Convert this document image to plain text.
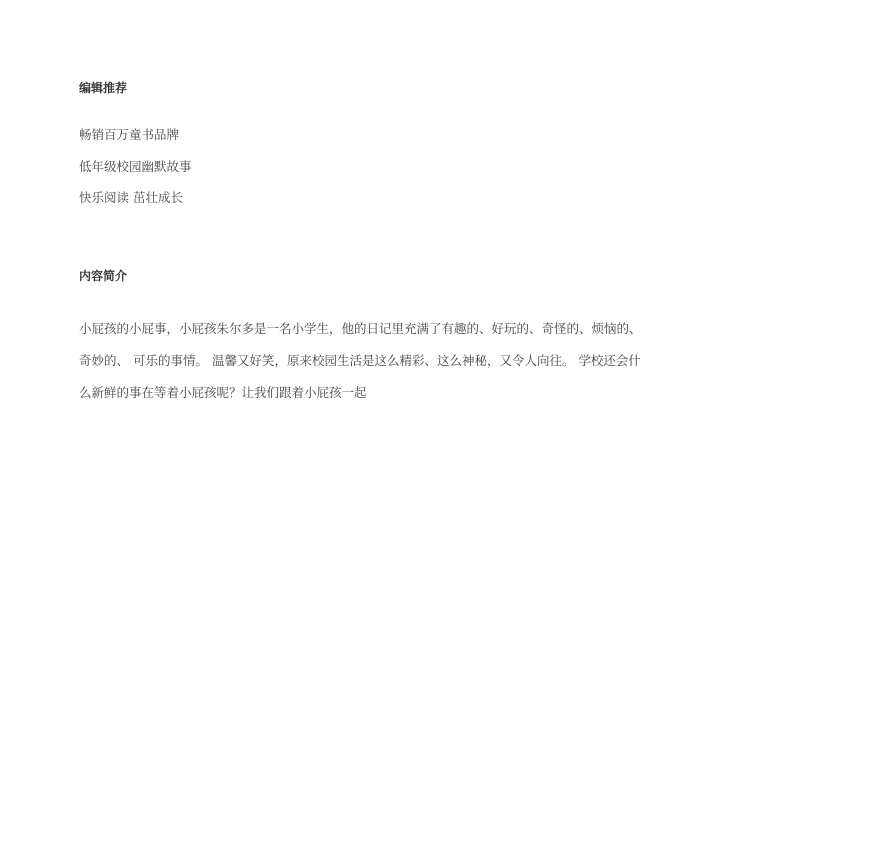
编辑推荐
畅销百万童书品牌
低年级校园幽默故事
快乐阅读 茁壮成长
内容简介
小屁孩的小屁事，小屁孩朱尔多是一名小学生，他的日记里充满了有趣的、好玩的、奇怪的、烦恼的、
奇妙的、 可乐的事情。 温馨又好笑，原来校园生活是这么精彩、这么神秘，又令人向往。 学校还会什
么新鲜的事在等着小屁孩呢？让我们跟着小屁孩一起
